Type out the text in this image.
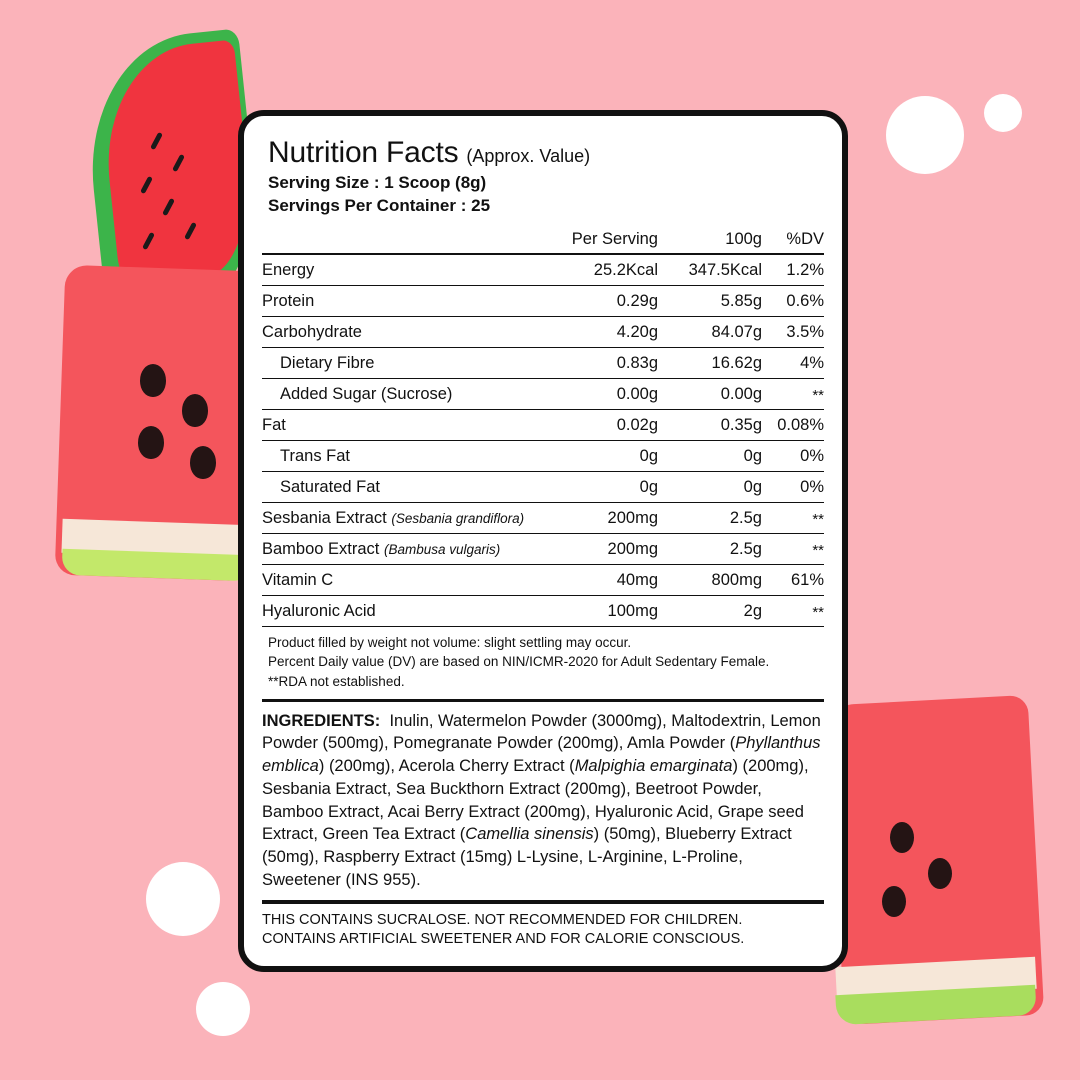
Nutrition Facts (Approx. Value)
Serving Size : 1 Scoop (8g)
Servings Per Container : 25
	Per Serving	100g	%DV
Energy	25.2Kcal	347.5Kcal	1.2%
Protein	0.29g	5.85g	0.6%
Carbohydrate	4.20g	84.07g	3.5%
Dietary Fibre	0.83g	16.62g	4%
Added Sugar (Sucrose)	0.00g	0.00g	**
Fat	0.02g	0.35g	0.08%
Trans Fat	0g	0g	0%
Saturated Fat	0g	0g	0%
Sesbania Extract (Sesbania grandiflora)	200mg	2.5g	**
Bamboo Extract (Bambusa vulgaris)	200mg	2.5g	**
Vitamin C	40mg	800mg	61%
Hyaluronic Acid	100mg	2g	**
Product filled by weight not volume: slight settling may occur.
Percent Daily value (DV) are based on NIN/ICMR-2020 for Adult Sedentary Female.
**RDA not established.
INGREDIENTS:  Inulin, Watermelon Powder (3000mg), Maltodextrin, Lemon Powder (500mg), Pomegranate Powder (200mg), Amla Powder (Phyllanthus emblica) (200mg), Acerola Cherry Extract (Malpighia emarginata) (200mg), Sesbania Extract, Sea Buckthorn Extract (200mg), Beetroot Powder, Bamboo Extract, Acai Berry Extract (200mg), Hyaluronic Acid, Grape seed Extract, Green Tea Extract (Camellia sinensis) (50mg), Blueberry Extract (50mg), Raspberry Extract (15mg) L-Lysine, L-Arginine, L-Proline, Sweetener (INS 955).
THIS CONTAINS SUCRALOSE. NOT RECOMMENDED FOR CHILDREN.
CONTAINS ARTIFICIAL SWEETENER AND FOR CALORIE CONSCIOUS.
